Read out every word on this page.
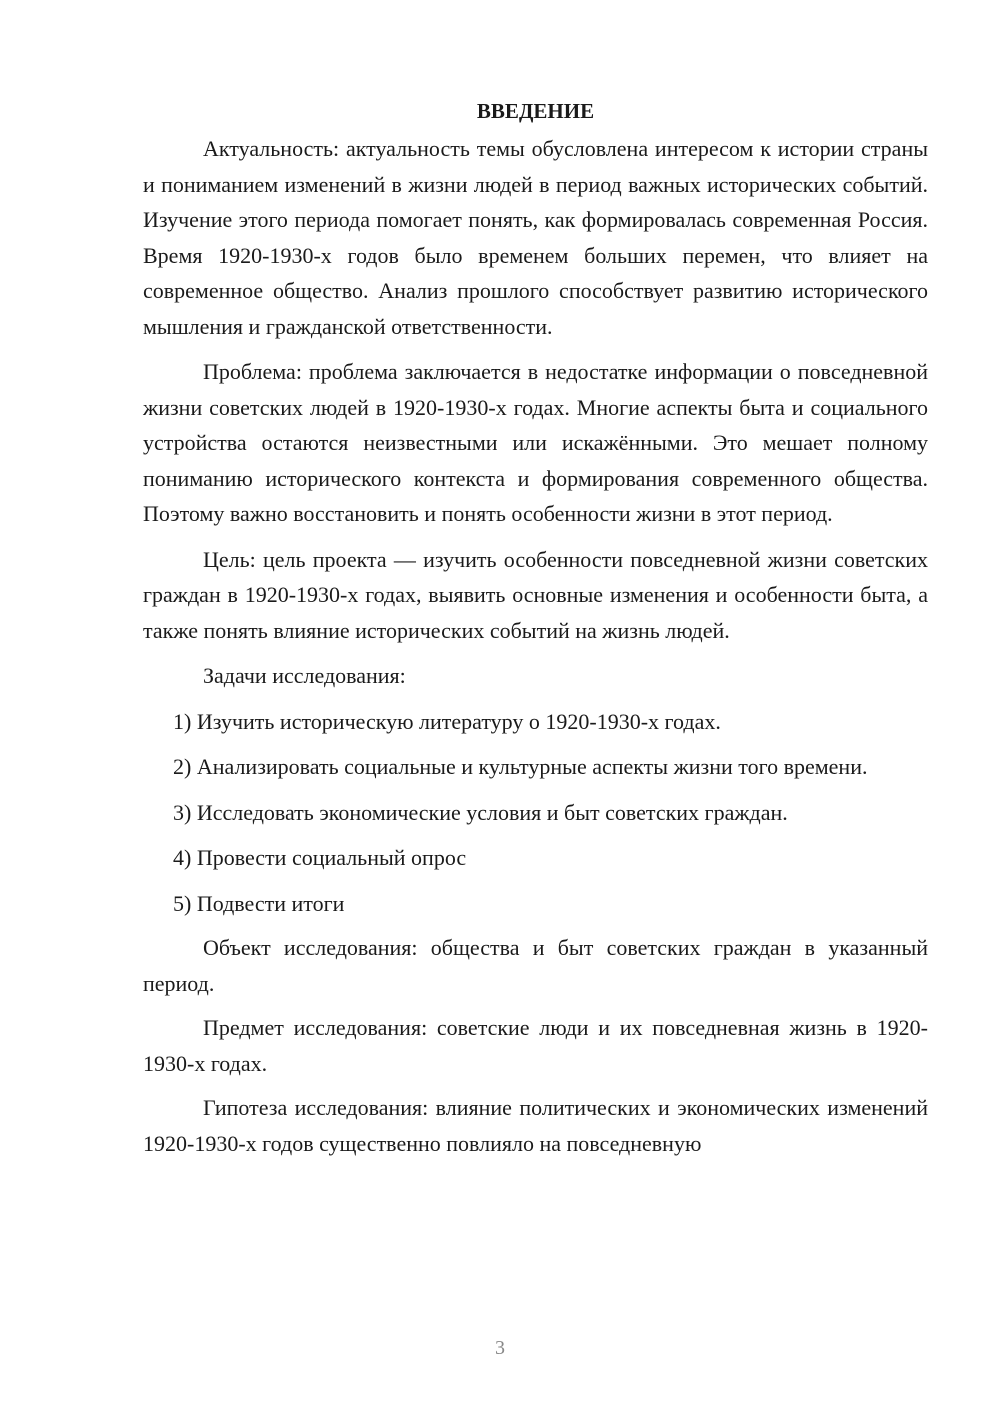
ВВЕДЕНИЕ

Актуальность: актуальность темы обусловлена интересом к истории страны и пониманием изменений в жизни людей в период важных исторических событий. Изучение этого периода помогает понять, как формировалась современная Россия. Время 1920-1930-х годов было временем больших перемен, что влияет на современное общество. Анализ прошлого способствует развитию исторического мышления и гражданской ответственности.

Проблема: проблема заключается в недостатке информации о повседневной жизни советских людей в 1920-1930-х годах. Многие аспекты быта и социального устройства остаются неизвестными или искажёнными. Это мешает полному пониманию исторического контекста и формирования современного общества. Поэтому важно восстановить и понять особенности жизни в этот период.

Цель: цель проекта — изучить особенности повседневной жизни советских граждан в 1920-1930-х годах, выявить основные изменения и особенности быта, а также понять влияние исторических событий на жизнь людей.

Задачи исследования:

1) Изучить историческую литературу о 1920-1930-х годах.

2) Анализировать социальные и культурные аспекты жизни того времени.

3) Исследовать экономические условия и быт советских граждан.

4) Провести социальный опрос

5) Подвести итоги

Объект исследования: общества и быт советских граждан в указанный период.

Предмет исследования: советские люди и их повседневная жизнь в 1920-1930-х годах.

Гипотеза исследования: влияние политических и экономических изменений 1920-1930-х годов существенно повлияло на повседневную

3
